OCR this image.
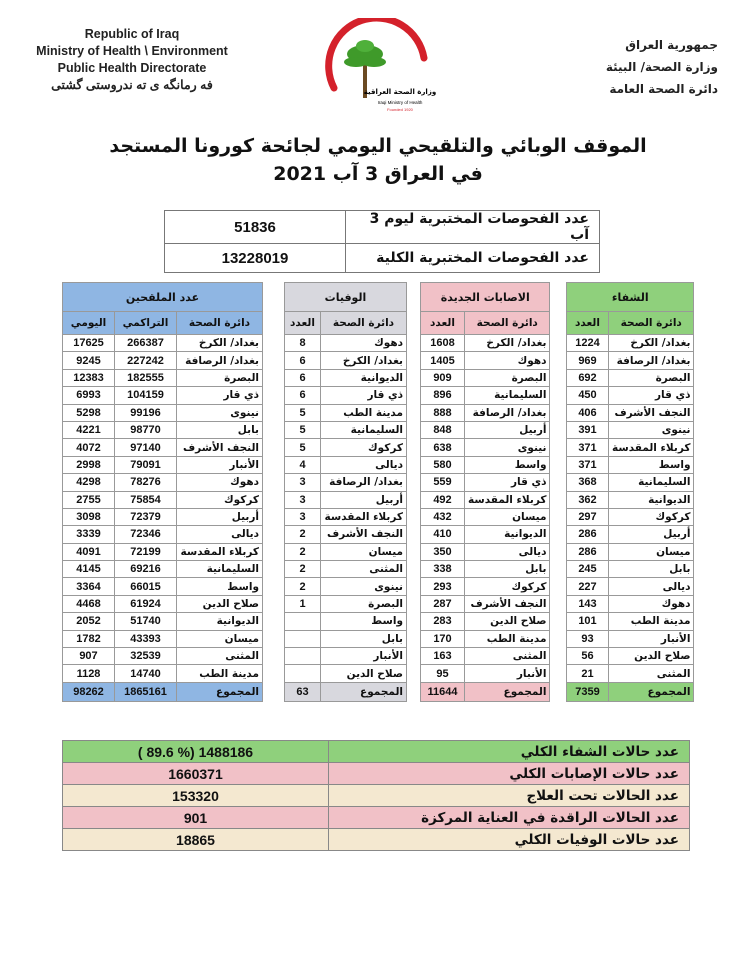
Republic of Iraq
Ministry of Health \ Environment
Public Health Directorate
فه رمانگه ی ته ندروستی گشتی	وزارة الصحة العراقية
Iraqi Ministry of Health
Founded 1920
جمهورية العراق
وزارة الصحة/ البيئة
دائرة الصحة العامة
الموقف الوبائي والتلقيحي اليومي لجائحة كورونا المستجد
في العراق 3 آب 2021
عدد الفحوصات المختبرية ليوم 3 آب	51836
عدد الفحوصات المختبرية الكلية	13228019
الشفاء	
دائرة الصحة	العدد
بغداد/ الكرخ	1224
بغداد/ الرصافة	969
البصرة	692
ذي قار	450
النجف الأشرف	406
نينوى	391
كربلاء المقدسة	371
واسط	371
السليمانية	368
الديوانية	362
كركوك	297
أربيل	286
ميسان	286
بابل	245
ديالى	227
دهوك	143
مدينة الطب	101
الأنبار	93
صلاح الدين	56
المثنى	21
المجموع	7359
الاصابات الجديدة	
دائرة الصحة	العدد
بغداد/ الكرخ	1608
دهوك	1405
البصرة	909
السليمانية	896
بغداد/ الرصافة	888
أربيل	848
نينوى	638
واسط	580
ذي قار	559
كربلاء المقدسة	492
ميسان	432
الديوانية	410
ديالى	350
بابل	338
كركوك	293
النجف الأشرف	287
صلاح الدين	283
مدينة الطب	170
المثنى	163
الأنبار	95
المجموع	11644
الوفيات	
دائرة الصحة	العدد
دهوك	8
بغداد/ الكرخ	6
الديوانية	6
ذي قار	6
مدينة الطب	5
السليمانية	5
كركوك	5
ديالى	4
بغداد/ الرصافة	3
أربيل	3
كربلاء المقدسة	3
النجف الأشرف	2
ميسان	2
المثنى	2
نينوى	2
البصرة	1
واسط	
بابل	
الأنبار	
صلاح الدين	
المجموع	63
عدد الملقحين		
دائرة الصحة	التراكمي	اليومي
بغداد/ الكرخ	266387	17625
بغداد/ الرصافة	227242	9245
البصرة	182555	12383
ذي قار	104159	6993
نينوى	99196	5298
بابل	98770	4221
النجف الأشرف	97140	4072
الأنبار	79091	2998
دهوك	78276	4298
كركوك	75854	2755
أربيل	72379	3098
ديالى	72346	3339
كربلاء المقدسة	72199	4091
السليمانية	69216	4145
واسط	66015	3364
صلاح الدين	61924	4468
الديوانية	51740	2052
ميسان	43393	1782
المثنى	32539	907
مدينة الطب	14740	1128
المجموع	1865161	98262
عدد حالات الشفاء الكلي	( 89.6 %) 1488186
عدد حالات الإصابات الكلي	1660371
عدد الحالات تحت العلاج	153320
عدد الحالات الراقدة في العناية المركزة	901
عدد حالات الوفيات الكلي	18865
